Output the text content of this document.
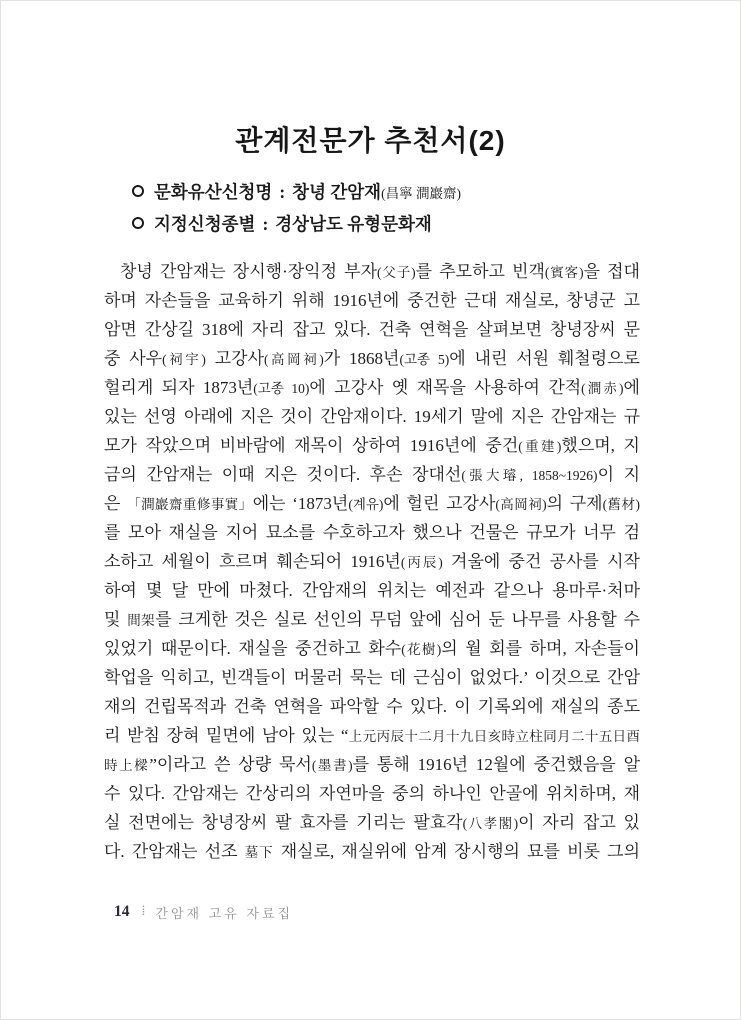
관계전문가 추천서(2)
문화유산신청명 : 창녕 간암재(昌寧 澗巖齋)
지정신청종별 : 경상남도 유형문화재
창녕 간암재는 장시행·장익정 부자(父子)를 추모하고 빈객(賓客)을 접대
하며 자손들을 교육하기 위해 1916년에 중건한 근대 재실로, 창녕군 고
암면 간상길 318에 자리 잡고 있다. 건축 연혁을 살펴보면 창녕장씨 문
중 사우(祠宇) 고강사(高岡祠)가 1868년(고종 5)에 내린 서원 훼철령으로
헐리게 되자 1873년(고종 10)에 고강사 옛 재목을 사용하여 간적(澗赤)에
있는 선영 아래에 지은 것이 간암재이다. 19세기 말에 지은 간암재는 규
모가 작았으며 비바람에 재목이 상하여 1916년에 중건(重建)했으며, 지
금의 간암재는 이때 지은 것이다. 후손 장대선(張大璿, 1858~1926)이 지
은 「澗巖齋重修事實」에는 ‘1873년(계유)에 헐린 고강사(高岡祠)의 구제(舊材)
를 모아 재실을 지어 묘소를 수호하고자 했으나 건물은 규모가 너무 검
소하고 세월이 흐르며 훼손되어 1916년(丙辰) 겨울에 중건 공사를 시작
하여 몇 달 만에 마쳤다. 간암재의 위치는 예전과 같으나 용마루·처마
및 間架를 크게한 것은 실로 선인의 무덤 앞에 심어 둔 나무를 사용할 수
있었기 때문이다. 재실을 중건하고 화수(花樹)의 월 회를 하며, 자손들이
학업을 익히고, 빈객들이 머물러 묵는 데 근심이 없었다.’ 이것으로 간암
재의 건립목적과 건축 연혁을 파악할 수 있다. 이 기록외에 재실의 종도
리 받침 장혀 밑면에 남아 있는 “上元丙辰十二月十九日亥時立柱同月二十五日酉
時上樑”이라고 쓴 상량 묵서(墨書)를 통해 1916년 12월에 중건했음을 알
수 있다. 간암재는 간상리의 자연마을 중의 하나인 안골에 위치하며, 재
실 전면에는 창녕장씨 팔 효자를 기리는 팔효각(八孝閣)이 자리 잡고 있
다. 간암재는 선조 墓下 재실로, 재실위에 암계 장시행의 묘를 비롯 그의
14 ⁞ 간암재 고유 자료집
